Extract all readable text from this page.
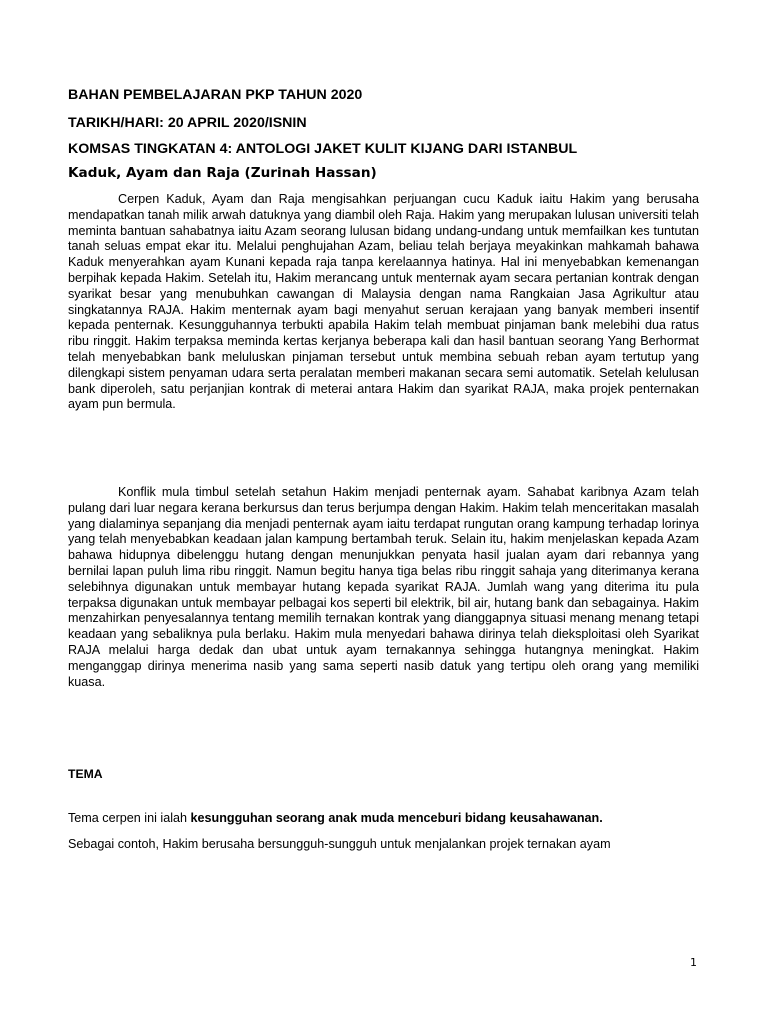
BAHAN PEMBELAJARAN PKP TAHUN 2020

TARIKH/HARI: 20 APRIL 2020/ISNIN

KOMSAS TINGKATAN 4: ANTOLOGI JAKET KULIT KIJANG DARI ISTANBUL

Kaduk, Ayam dan Raja (Zurinah Hassan)

Cerpen Kaduk, Ayam dan Raja mengisahkan perjuangan cucu Kaduk iaitu Hakim yang berusaha mendapatkan tanah milik arwah datuknya yang diambil oleh Raja. Hakim yang merupakan lulusan universiti telah meminta bantuan sahabatnya iaitu Azam seorang lulusan bidang undang-undang untuk memfailkan kes tuntutan tanah seluas empat ekar itu. Melalui penghujahan Azam, beliau telah berjaya meyakinkan mahkamah bahawa Kaduk menyerahkan ayam Kunani kepada raja tanpa kerelaannya hatinya. Hal ini menyebabkan kemenangan berpihak kepada Hakim. Setelah itu, Hakim merancang untuk menternak ayam secara pertanian kontrak dengan syarikat besar yang menubuhkan cawangan di Malaysia dengan nama Rangkaian Jasa Agrikultur atau singkatannya RAJA. Hakim menternak ayam bagi menyahut seruan kerajaan yang banyak memberi insentif kepada penternak. Kesungguhannya terbukti apabila Hakim telah membuat pinjaman bank melebihi dua ratus ribu ringgit. Hakim terpaksa meminda kertas kerjanya beberapa kali dan hasil bantuan seorang Yang Berhormat telah menyebabkan bank meluluskan pinjaman tersebut untuk membina sebuah reban ayam tertutup yang dilengkapi sistem penyaman udara serta peralatan memberi makanan secara semi automatik. Setelah kelulusan bank diperoleh, satu perjanjian kontrak di meterai antara Hakim dan syarikat RAJA, maka projek penternakan ayam pun bermula.

Konflik mula timbul setelah setahun Hakim menjadi penternak ayam. Sahabat karibnya Azam telah pulang dari luar negara kerana berkursus dan terus berjumpa dengan Hakim. Hakim telah menceritakan masalah yang dialaminya sepanjang dia menjadi penternak ayam iaitu terdapat rungutan orang kampung terhadap lorinya yang telah menyebabkan keadaan jalan kampung bertambah teruk. Selain itu, hakim menjelaskan kepada Azam bahawa hidupnya dibelenggu hutang dengan menunjukkan penyata hasil jualan ayam dari rebannya yang bernilai lapan puluh lima ribu ringgit. Namun begitu hanya tiga belas ribu ringgit sahaja yang diterimanya kerana selebihnya digunakan untuk membayar hutang kepada syarikat RAJA. Jumlah wang yang diterima itu pula terpaksa digunakan untuk membayar pelbagai kos seperti bil elektrik, bil air, hutang bank dan sebagainya. Hakim menzahirkan penyesalannya tentang memilih ternakan kontrak yang dianggapnya situasi menang menang tetapi keadaan yang sebaliknya pula berlaku. Hakim mula menyedari bahawa dirinya telah dieksploitasi oleh Syarikat RAJA melalui harga dedak dan ubat untuk ayam ternakannya sehingga hutangnya meningkat. Hakim menganggap dirinya menerima nasib yang sama seperti nasib datuk yang tertipu oleh orang yang memiliki kuasa.

TEMA

Tema cerpen ini ialah kesungguhan seorang anak muda menceburi bidang keusahawanan.

Sebagai contoh, Hakim berusaha bersungguh-sungguh untuk menjalankan projek ternakan ayam

1
